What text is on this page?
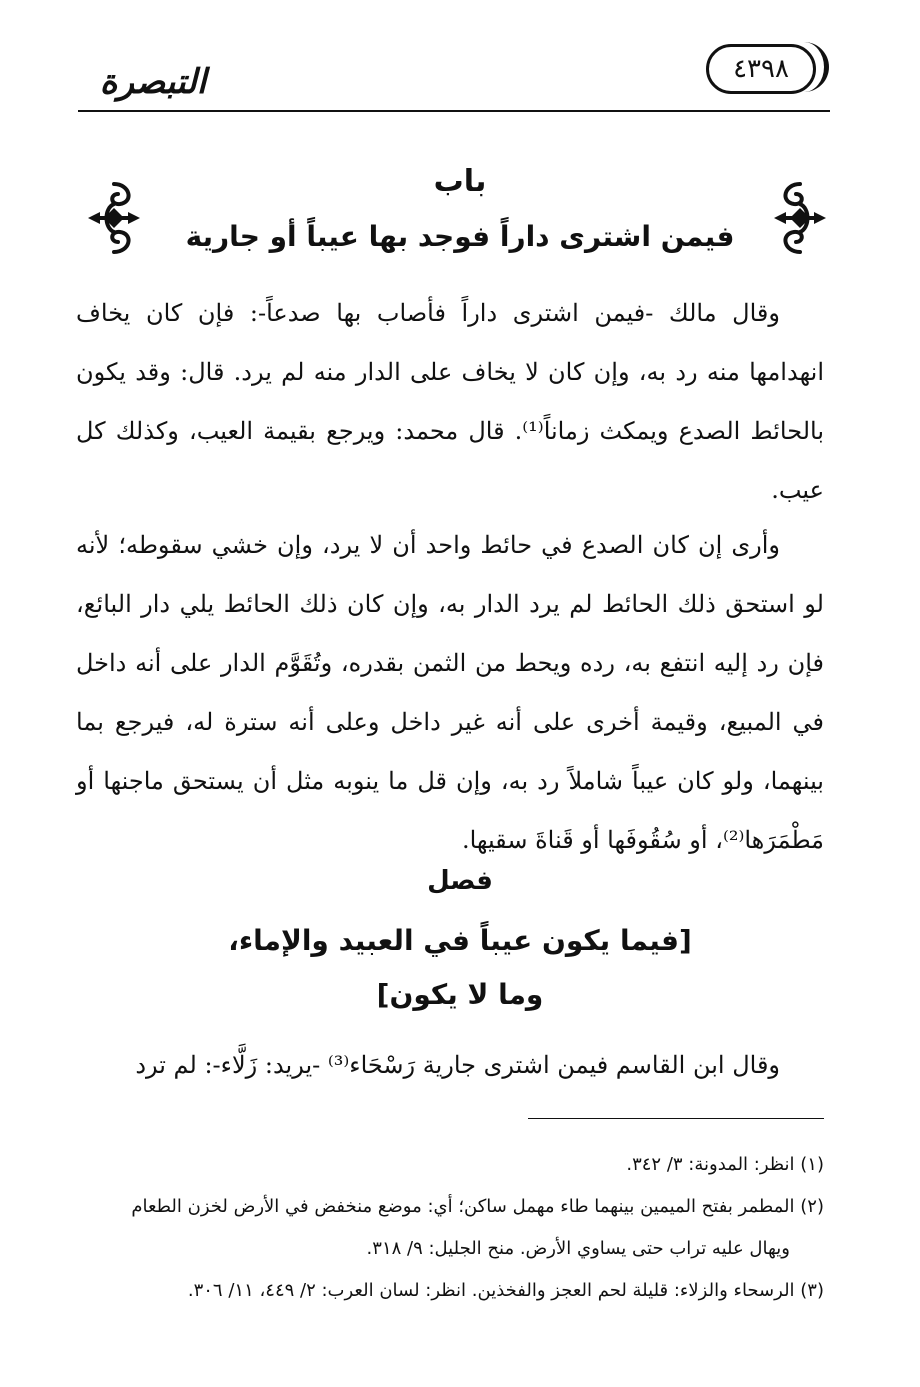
التبصرة	٤٣٩٨
باب
فيمن اشترى داراً فوجد بها عيباً أو جارية

وقال مالك -فيمن اشترى داراً فأصاب بها صدعاً-: فإن كان يخاف انهدامها منه رد به، وإن كان لا يخاف على الدار منه لم يرد. قال: وقد يكون بالحائط الصدع ويمكث زماناً⁽¹⁾. قال محمد: ويرجع بقيمة العيب، وكذلك كل عيب.

وأرى إن كان الصدع في حائط واحد أن لا يرد، وإن خشي سقوطه؛ لأنه لو استحق ذلك الحائط لم يرد الدار به، وإن كان ذلك الحائط يلي دار البائع، فإن رد إليه انتفع به، رده ويحط من الثمن بقدره، وتُقَوَّم الدار على أنه داخل في المبيع، وقيمة أخرى على أنه غير داخل وعلى أنه سترة له، فيرجع بما بينهما، ولو كان عيباً شاملاً رد به، وإن قل ما ينوبه مثل أن يستحق ماجنها أو مَطْمَرَها⁽²⁾، أو سُقُوفَها أو قَناةَ سقيها.

فصل
[فيما يكون عيباً في العبيد والإماء،
وما لا يكون]

وقال ابن القاسم فيمن اشترى جارية رَسْحَاء⁽³⁾ -يريد: زَلَّاء-: لم ترد

(١) انظر: المدونة: ٣/ ٣٤٢.

(٢) المطمر بفتح الميمين بينهما طاء مهمل ساكن؛ أي: موضع منخفض في الأرض لخزن الطعام

ويهال عليه تراب حتى يساوي الأرض. منح الجليل: ٩/ ٣١٨.

(٣) الرسحاء والزلاء: قليلة لحم العجز والفخذين. انظر: لسان العرب: ٢/ ٤٤٩، ١١/ ٣٠٦.
